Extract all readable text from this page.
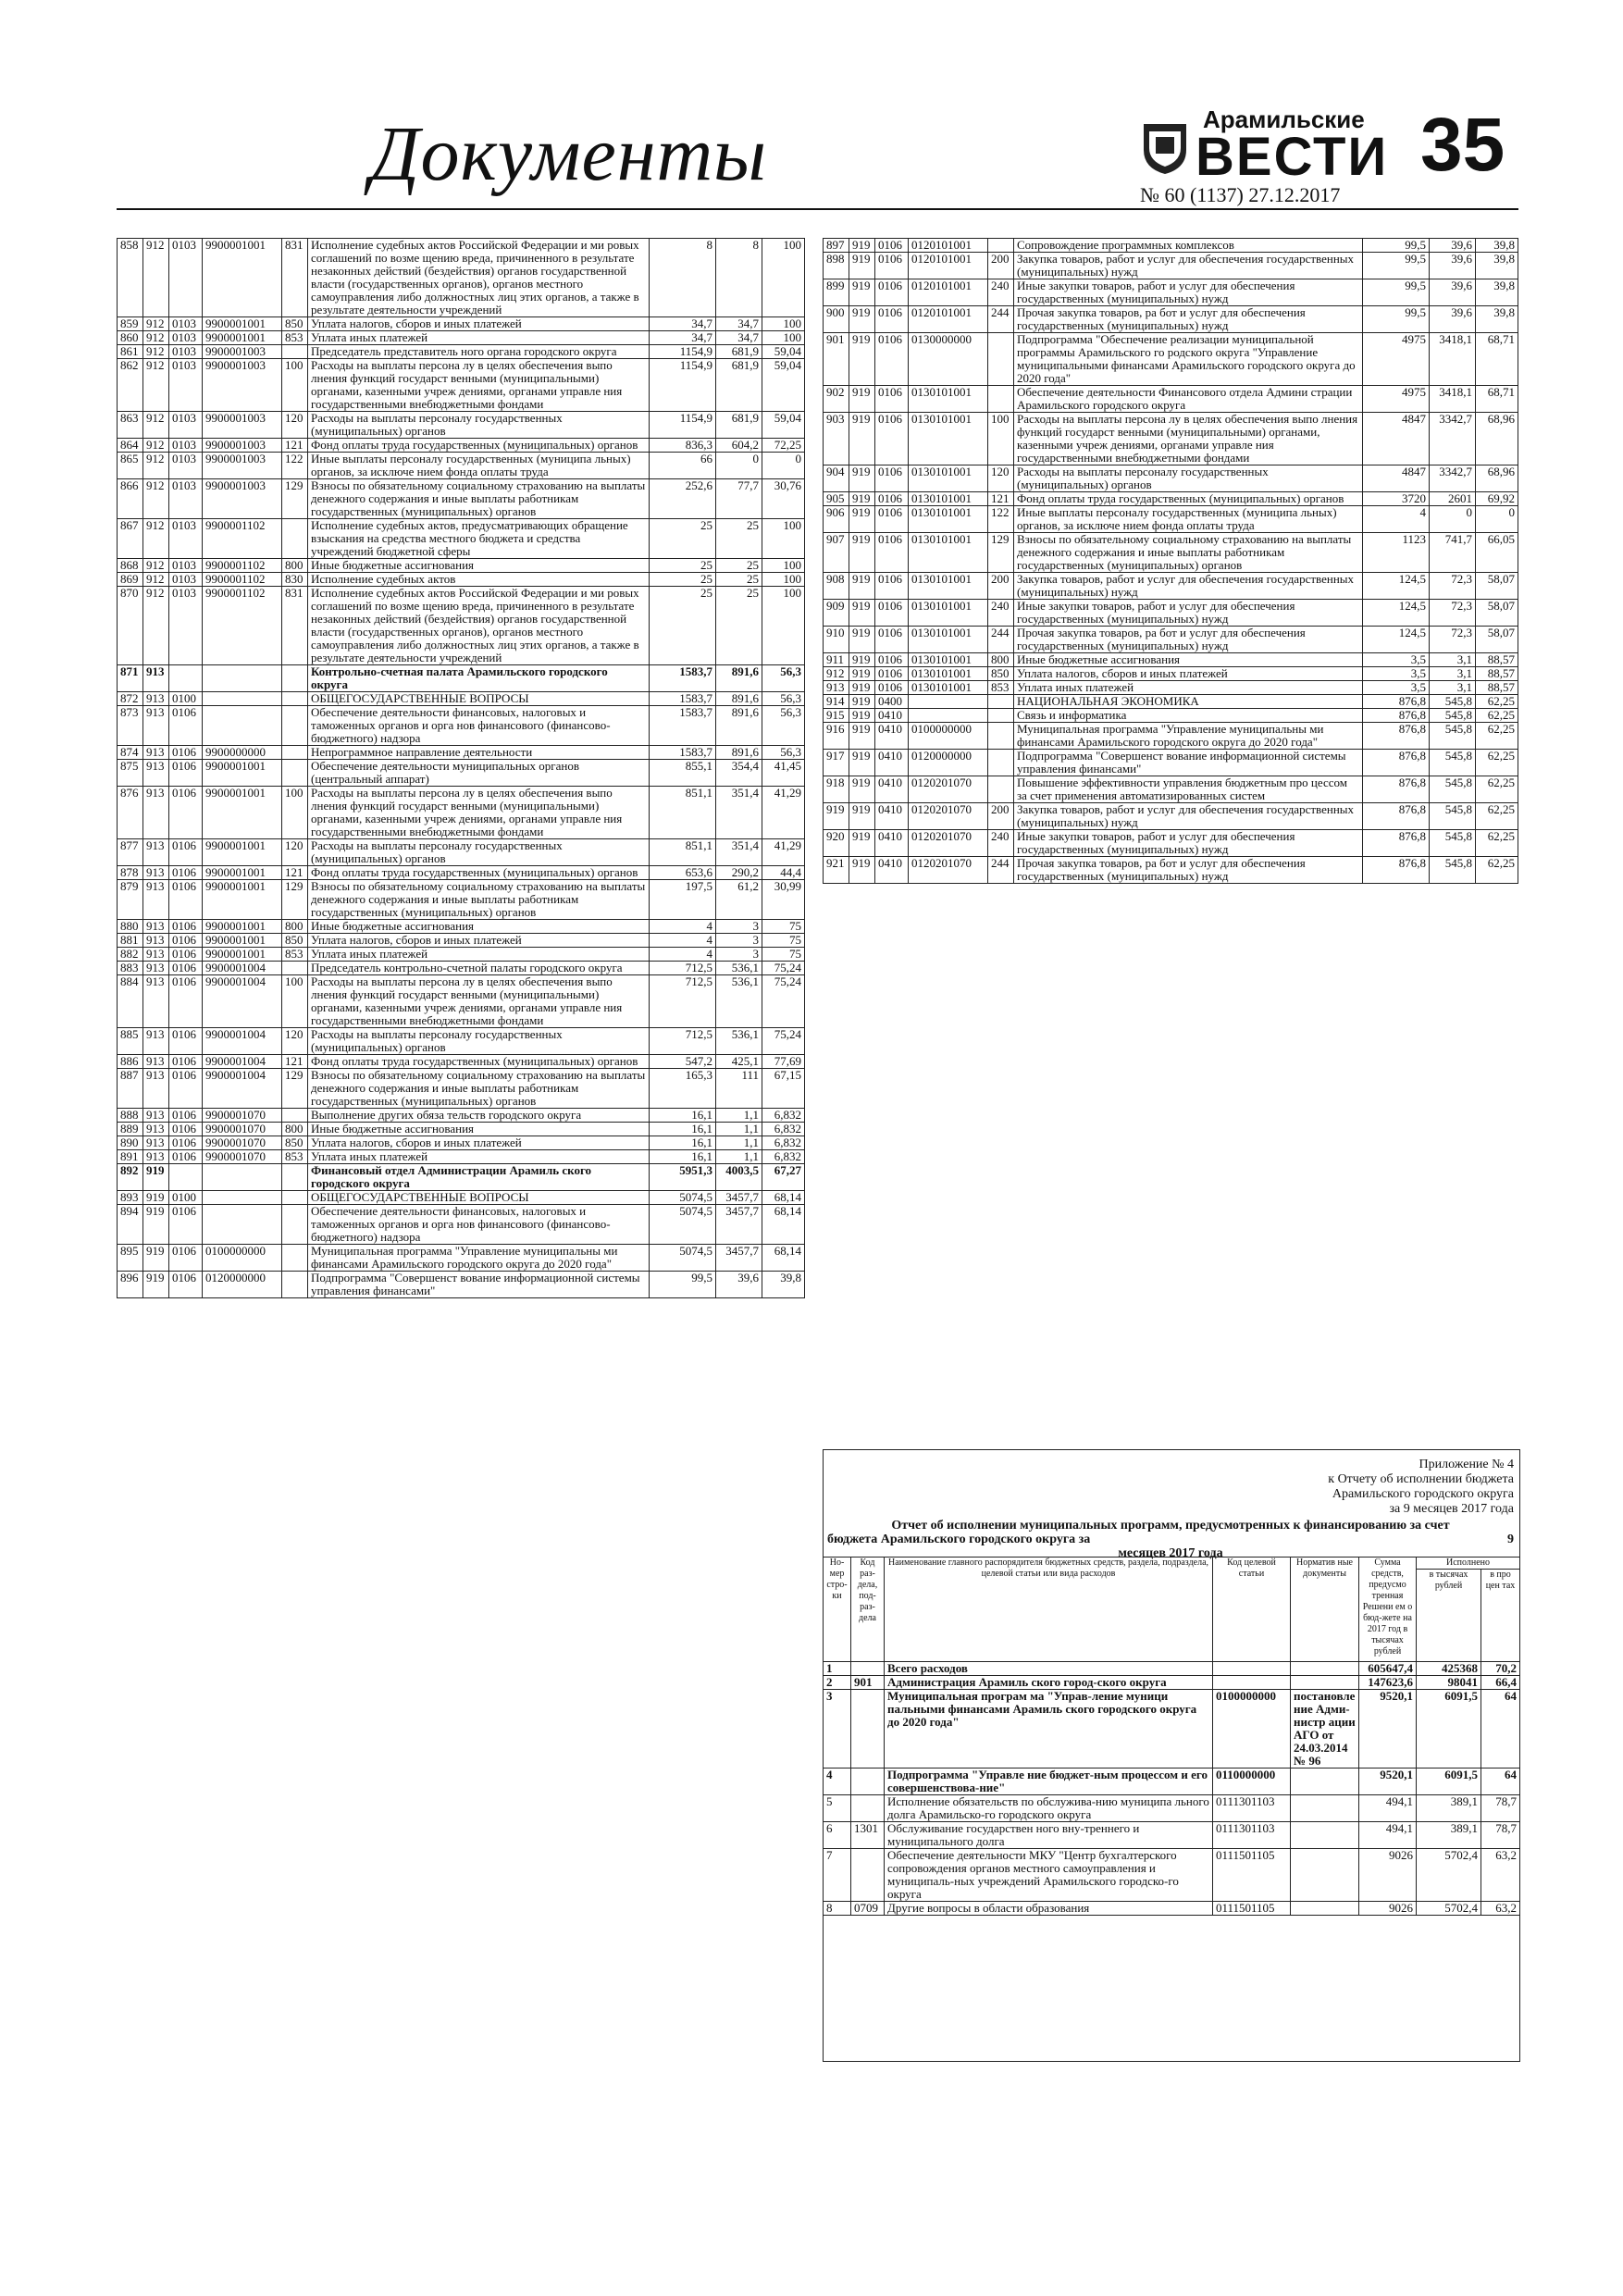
Документы	Арамильские
ВЕСТИ
№ 60 (1137) 27.12.2017
35
858	912	0103	9900001001	831	Исполнение судебных актов Российской Федерации и ми ровых соглашений по возме щению вреда, причиненного в результате незаконных действий (бездействия) органов государственной власти (государственных органов), органов местного самоуправления либо должностных лиц этих органов, а также в результате деятельности учреждений	8	8	100
859	912	0103	9900001001	850	Уплата налогов, сборов и иных платежей	34,7	34,7	100
860	912	0103	9900001001	853	Уплата иных платежей	34,7	34,7	100
861	912	0103	9900001003		Председатель представитель ного органа городского округа	1154,9	681,9	59,04
862	912	0103	9900001003	100	Расходы на выплаты персона лу в целях обеспечения выпо лнения функций государст венными (муниципальными) органами, казенными учреж дениями, органами управле ния государственными внебюджетными фондами	1154,9	681,9	59,04
863	912	0103	9900001003	120	Расходы на выплаты персоналу государственных (муниципальных) органов	1154,9	681,9	59,04
864	912	0103	9900001003	121	Фонд оплаты труда государственных (муниципальных) органов	836,3	604,2	72,25
865	912	0103	9900001003	122	Иные выплаты персоналу государственных (муниципа льных) органов, за исключе нием фонда оплаты труда	66	0	0
866	912	0103	9900001003	129	Взносы по обязательному социальному страхованию на выплаты денежного содержания и иные выплаты работникам государственных (муниципальных) органов	252,6	77,7	30,76
867	912	0103	9900001102		Исполнение судебных актов, предусматривающих обращение взыскания на средства местного бюджета и средства учреждений бюджетной сферы	25	25	100
868	912	0103	9900001102	800	Иные бюджетные ассигнования	25	25	100
869	912	0103	9900001102	830	Исполнение судебных актов	25	25	100
870	912	0103	9900001102	831	Исполнение судебных актов Российской Федерации и ми ровых соглашений по возме щению вреда, причиненного в результате незаконных действий (бездействия) органов государственной власти (государственных органов), органов местного самоуправления либо должностных лиц этих органов, а также в результате деятельности учреждений	25	25	100
871	913				Контрольно-счетная палата Арамильского городского округа	1583,7	891,6	56,3
872	913	0100			ОБЩЕГОСУДАРСТВЕННЫЕ ВОПРОСЫ	1583,7	891,6	56,3
873	913	0106			Обеспечение деятельности финансовых, налоговых и таможенных органов и орга нов финансового (финансово-бюджетного) надзора	1583,7	891,6	56,3
874	913	0106	9900000000		Непрограммное направление деятельности	1583,7	891,6	56,3
875	913	0106	9900001001		Обеспечение деятельности муниципальных органов (центральный аппарат)	855,1	354,4	41,45
876	913	0106	9900001001	100	Расходы на выплаты персона лу в целях обеспечения выпо лнения функций государст венными (муниципальными) органами, казенными учреж дениями, органами управле ния государственными внебюджетными фондами	851,1	351,4	41,29
877	913	0106	9900001001	120	Расходы на выплаты персоналу государственных (муниципальных) органов	851,1	351,4	41,29
878	913	0106	9900001001	121	Фонд оплаты труда государственных (муниципальных) органов	653,6	290,2	44,4
879	913	0106	9900001001	129	Взносы по обязательному социальному страхованию на выплаты денежного содержания и иные выплаты работникам государственных (муниципальных) органов	197,5	61,2	30,99
880	913	0106	9900001001	800	Иные бюджетные ассигнования	4	3	75
881	913	0106	9900001001	850	Уплата налогов, сборов и иных платежей	4	3	75
882	913	0106	9900001001	853	Уплата иных платежей	4	3	75
883	913	0106	9900001004		Председатель контрольно-счетной палаты городского округа	712,5	536,1	75,24
884	913	0106	9900001004	100	Расходы на выплаты персона лу в целях обеспечения выпо лнения функций государст венными (муниципальными) органами, казенными учреж дениями, органами управле ния государственными внебюджетными фондами	712,5	536,1	75,24
885	913	0106	9900001004	120	Расходы на выплаты персоналу государственных (муниципальных) органов	712,5	536,1	75,24
886	913	0106	9900001004	121	Фонд оплаты труда государственных (муниципальных) органов	547,2	425,1	77,69
887	913	0106	9900001004	129	Взносы по обязательному социальному страхованию на выплаты денежного содержания и иные выплаты работникам государственных (муниципальных) органов	165,3	111	67,15
888	913	0106	9900001070		Выполнение других обяза тельств городского округа	16,1	1,1	6,832
889	913	0106	9900001070	800	Иные бюджетные ассигнования	16,1	1,1	6,832
890	913	0106	9900001070	850	Уплата налогов, сборов и иных платежей	16,1	1,1	6,832
891	913	0106	9900001070	853	Уплата иных платежей	16,1	1,1	6,832
892	919				Финансовый отдел Администрации Арамиль ского городского округа	5951,3	4003,5	67,27
893	919	0100			ОБЩЕГОСУДАРСТВЕННЫЕ ВОПРОСЫ	5074,5	3457,7	68,14
894	919	0106			Обеспечение деятельности финансовых, налоговых и таможенных органов и орга нов финансового (финансово-бюджетного) надзора	5074,5	3457,7	68,14
895	919	0106	0100000000		Муниципальная программа "Управление муниципальны ми финансами Арамильского городского округа до 2020 года"	5074,5	3457,7	68,14
896	919	0106	0120000000		Подпрограмма "Совершенст вование информационной системы управления финансами"	99,5	39,6	39,8
897	919	0106	0120101001		Сопровождение программных комплексов	99,5	39,6	39,8
898	919	0106	0120101001	200	Закупка товаров, работ и услуг для обеспечения государственных (муниципальных) нужд	99,5	39,6	39,8
899	919	0106	0120101001	240	Иные закупки товаров, работ и услуг для обеспечения государственных (муниципальных) нужд	99,5	39,6	39,8
900	919	0106	0120101001	244	Прочая закупка товаров, ра бот и услуг для обеспечения государственных (муниципальных) нужд	99,5	39,6	39,8
901	919	0106	0130000000		Подпрограмма "Обеспечение реализации муниципальной программы Арамильского го родского округа "Управление муниципальными финансами Арамильского городского округа до 2020 года"	4975	3418,1	68,71
902	919	0106	0130101001		Обеспечение деятельности Финансового отдела Админи страции Арамильского городского округа	4975	3418,1	68,71
903	919	0106	0130101001	100	Расходы на выплаты персона лу в целях обеспечения выпо лнения функций государст венными (муниципальными) органами, казенными учреж дениями, органами управле ния государственными внебюджетными фондами	4847	3342,7	68,96
904	919	0106	0130101001	120	Расходы на выплаты персоналу государственных (муниципальных) органов	4847	3342,7	68,96
905	919	0106	0130101001	121	Фонд оплаты труда государственных (муниципальных) органов	3720	2601	69,92
906	919	0106	0130101001	122	Иные выплаты персоналу государственных (муниципа льных) органов, за исключе нием фонда оплаты труда	4	0	0
907	919	0106	0130101001	129	Взносы по обязательному социальному страхованию на выплаты денежного содержания и иные выплаты работникам государственных (муниципальных) органов	1123	741,7	66,05
908	919	0106	0130101001	200	Закупка товаров, работ и услуг для обеспечения государственных (муниципальных) нужд	124,5	72,3	58,07
909	919	0106	0130101001	240	Иные закупки товаров, работ и услуг для обеспечения государственных (муниципальных) нужд	124,5	72,3	58,07
910	919	0106	0130101001	244	Прочая закупка товаров, ра бот и услуг для обеспечения государственных (муниципальных) нужд	124,5	72,3	58,07
911	919	0106	0130101001	800	Иные бюджетные ассигнования	3,5	3,1	88,57
912	919	0106	0130101001	850	Уплата налогов, сборов и иных платежей	3,5	3,1	88,57
913	919	0106	0130101001	853	Уплата иных платежей	3,5	3,1	88,57
914	919	0400			НАЦИОНАЛЬНАЯ ЭКОНОМИКА	876,8	545,8	62,25
915	919	0410			Связь и информатика	876,8	545,8	62,25
916	919	0410	0100000000		Муниципальная программа "Управление муниципальны ми финансами Арамильского городского округа до 2020 года"	876,8	545,8	62,25
917	919	0410	0120000000		Подпрограмма "Совершенст вование информационной системы управления финансами"	876,8	545,8	62,25
918	919	0410	0120201070		Повышение эффективности управления бюджетным про цессом за счет применения автоматизированных систем	876,8	545,8	62,25
919	919	0410	0120201070	200	Закупка товаров, работ и услуг для обеспечения государственных (муниципальных) нужд	876,8	545,8	62,25
920	919	0410	0120201070	240	Иные закупки товаров, работ и услуг для обеспечения государственных (муниципальных) нужд	876,8	545,8	62,25
921	919	0410	0120201070	244	Прочая закупка товаров, ра бот и услуг для обеспечения государственных (муниципальных) нужд	876,8	545,8	62,25
Приложение № 4
к Отчету об исполнении бюджета
Арамильского городского округа
за 9 месяцев 2017 года
Отчет об исполнении муниципальных программ, предусмотренных к финансированию за счет
бюджета Арамильского городского округа за	9
месяцев 2017 года
Но-мер стро-ки	Код раз-дела, под-раз-дела	Наименование главного распорядителя бюджетных средств, раздела, подраздела, целевой статьи или вида расходов	Код целевой статьи	Норматив ные документы	Сумма средств, предусмо тренная Решени ем о бюд-жете на 2017 год в тысячах рублей	Исполнено	
						в тысячах рублей	в про цен тах
1		Всего расходов			605647,4	425368	70,2
2	901	Администрация Арамиль ского город-ского округа			147623,6	98041	66,4
3		Муниципальная програм ма "Управ-ление муници пальными финансами Арамиль ского городского округа до 2020 года"	0100000000	постановле ние Адми-нистр ации АГО от 24.03.2014 № 96	9520,1	6091,5	64
4		Подпрограмма "Управле ние бюджет-ным процессом и его совершенствова-ние"	0110000000		9520,1	6091,5	64
5		Исполнение обязательств по обслужива-нию муниципа льного долга Арамильско-го городского округа	0111301103		494,1	389,1	78,7
6	1301	Обслуживание государствен ного вну-треннего и муниципального долга	0111301103		494,1	389,1	78,7
7		Обеспечение деятельности МКУ "Центр бухгалтерского сопровождения органов местного самоуправления и муниципаль-ных учреждений Арамильского городско-го округа	0111501105		9026	5702,4	63,2
8	0709	Другие вопросы в области образования	0111501105		9026	5702,4	63,2
